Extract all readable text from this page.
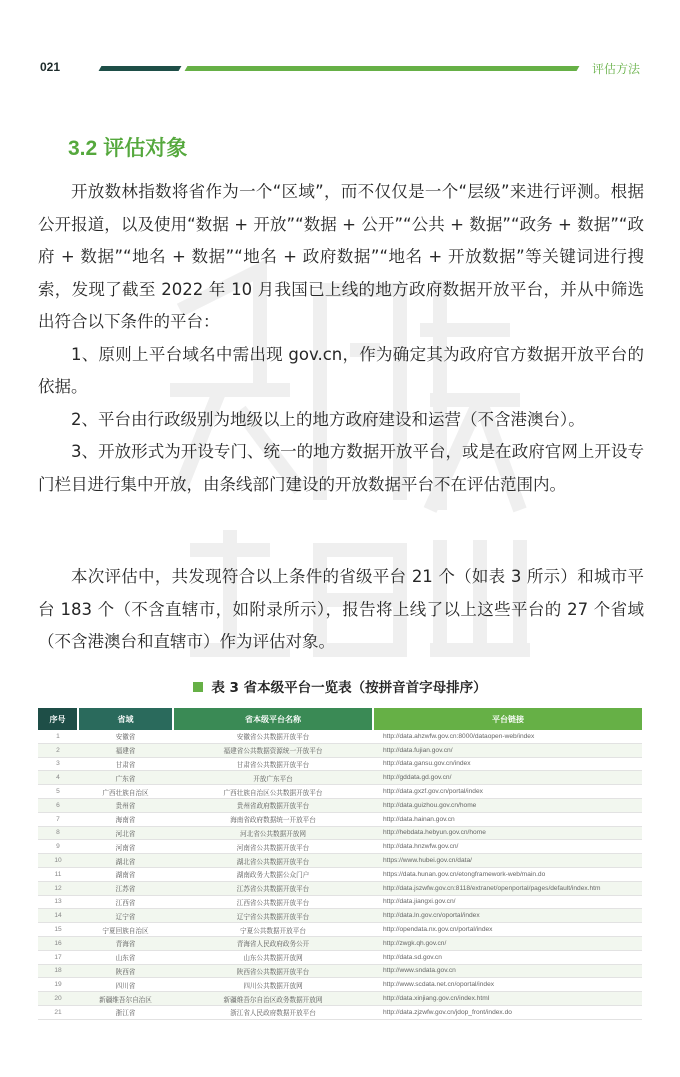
021	评估方法
3.2 评估对象

开放数林指数将省作为一个“区域”，而不仅仅是一个“层级”来进行评测。根据公开报道，以及使用“数据 + 开放”“数据 + 公开”“公共 + 数据”“政务 + 数据”“政府 + 数据”“地名 + 数据”“地名 + 政府数据”“地名 + 开放数据”等关键词进行搜索，发现了截至 2022 年 10 月我国已上线的地方政府数据开放平台，并从中筛选出符合以下条件的平台：

1、原则上平台域名中需出现 gov.cn，作为确定其为政府官方数据开放平台的依据。

2、平台由行政级别为地级以上的地方政府建设和运营（不含港澳台）。

3、开放形式为开设专门、统一的地方数据开放平台，或是在政府官网上开设专门栏目进行集中开放，由条线部门建设的开放数据平台不在评估范围内。

本次评估中，共发现符合以上条件的省级平台 21 个（如表 3 所示）和城市平台 183 个（不含直辖市，如附录所示），报告将上线了以上这些平台的 27 个省域（不含港澳台和直辖市）作为评估对象。

表 3 省本级平台一览表（按拼音首字母排序）
序号	省域	省本级平台名称	平台链接
1	安徽省	安徽省公共数据开放平台	http://data.ahzwfw.gov.cn:8000/dataopen-web/index
2	福建省	福建省公共数据资源统一开放平台	http://data.fujian.gov.cn/
3	甘肃省	甘肃省公共数据开放平台	http://data.gansu.gov.cn/index
4	广东省	开放广东平台	http://gddata.gd.gov.cn/
5	广西壮族自治区	广西壮族自治区公共数据开放平台	http://data.gxzf.gov.cn/portal/index
6	贵州省	贵州省政府数据开放平台	http://data.guizhou.gov.cn/home
7	海南省	海南省政府数据统一开放平台	http://data.hainan.gov.cn
8	河北省	河北省公共数据开放网	http://hebdata.hebyun.gov.cn/home
9	河南省	河南省公共数据开放平台	http://data.hnzwfw.gov.cn/
10	湖北省	湖北省公共数据开放平台	https://www.hubei.gov.cn/data/
11	湖南省	湖南政务大数据公众门户	https://data.hunan.gov.cn/etongframework-web/main.do
12	江苏省	江苏省公共数据开放平台	http://data.jszwfw.gov.cn:8118/extranet/openportal/pages/default/index.htm
13	江西省	江西省公共数据开放平台	http://data.jiangxi.gov.cn/
14	辽宁省	辽宁省公共数据开放平台	http://data.ln.gov.cn/oportal/index
15	宁夏回族自治区	宁夏公共数据开放平台	http://opendata.nx.gov.cn/portal/index
16	青海省	青海省人民政府政务公开	http://zwgk.qh.gov.cn/
17	山东省	山东公共数据开放网	http://data.sd.gov.cn
18	陕西省	陕西省公共数据开放平台	http://www.sndata.gov.cn
19	四川省	四川公共数据开放网	http://www.scdata.net.cn/oportal/index
20	新疆维吾尔自治区	新疆维吾尔自治区政务数据开放网	http://data.xinjiang.gov.cn/index.html
21	浙江省	浙江省人民政府数据开放平台	http://data.zjzwfw.gov.cn/jdop_front/index.do
